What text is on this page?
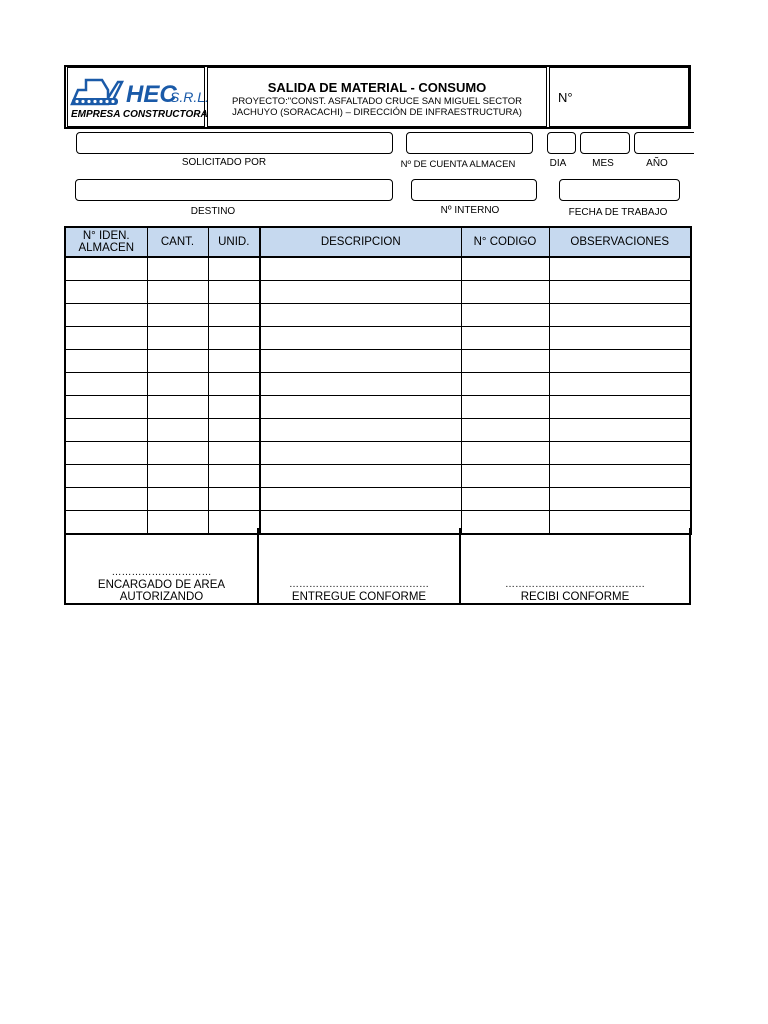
HEC
S.R.L.
EMPRESA CONSTRUCTORA
SALIDA DE MATERIAL - CONSUMO
PROYECTO:"CONST. ASFALTADO CRUCE SAN MIGUEL SECTOR
JACHUYO (SORACACHI) – DIRECCIÓN DE INFRAESTRUCTURA)
N°
SOLICITADO POR	Nº DE CUENTA ALMACEN	DIA	MES	AÑO
DESTINO	Nº INTERNO	FECHA DE TRABAJO
N° IDEN. ALMACEN	CANT.	UNID.	DESCRIPCION	N° CODIGO	OBSERVACIONES

…………………………
ENCARGADO DE AREA
AUTORIZANDO
……………………………………
ENTREGUE CONFORME
……………………………………
RECIBI CONFORME
